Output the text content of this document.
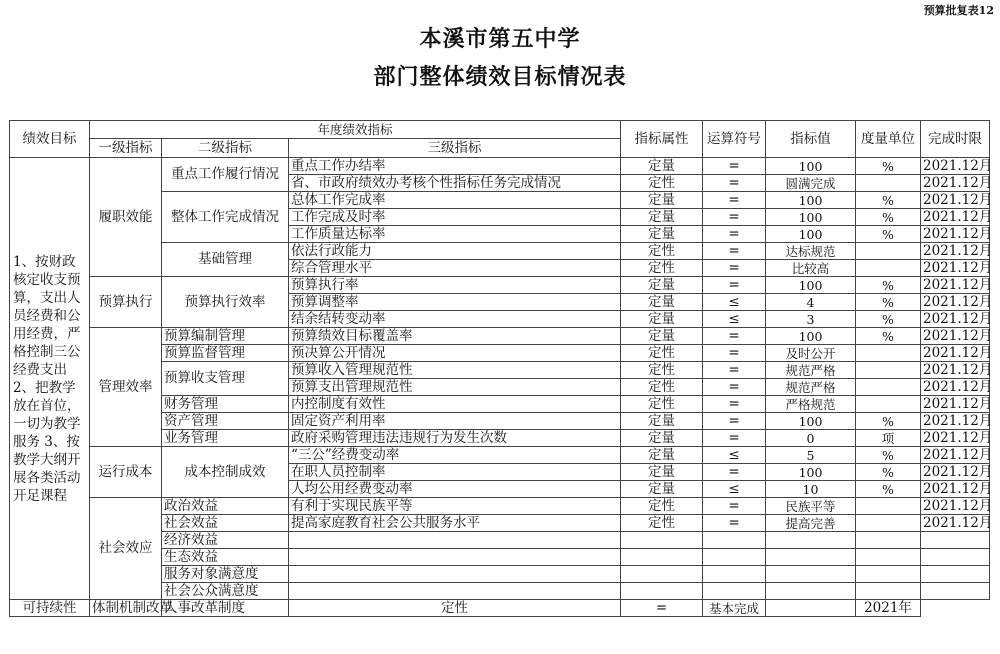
预算批复表12
本溪市第五中学
部门整体绩效目标情况表
绩效目标	年度绩效指标			指标属性	运算符号	指标值	度量单位	完成时限
	一级指标	二级指标	三级指标					
1、按财政核定收支预算，支出人员经费和公用经费，严格控制三公经费支出 2、把教学放在首位，一切为教学服务 3、按教学大纲开展各类活动开足课程	履职效能	重点工作履行情况	重点工作办结率	定量	=	100	%	2021.12月
			省、市政府绩效办考核个性指标任务完成情况	定性	=	圆满完成		2021.12月
		整体工作完成情况	总体工作完成率	定量	=	100	%	2021.12月
			工作完成及时率	定量	=	100	%	2021.12月
			工作质量达标率	定量	=	100	%	2021.12月
		基础管理	依法行政能力	定性	=	达标规范		2021.12月
			综合管理水平	定性	=	比较高		2021.12月
	预算执行	预算执行效率	预算执行率	定量	=	100	%	2021.12月
			预算调整率	定量	≤	4	%	2021.12月
			结余结转变动率	定量	≤	3	%	2021.12月
	管理效率	预算编制管理	预算绩效目标覆盖率	定量	=	100	%	2021.12月
		预算监督管理	预决算公开情况	定性	=	及时公开		2021.12月
		预算收支管理	预算收入管理规范性	定性	=	规范严格		2021.12月
			预算支出管理规范性	定性	=	规范严格		2021.12月
		财务管理	内控制度有效性	定性	=	严格规范		2021.12月
		资产管理	固定资产利用率	定量	=	100	%	2021.12月
		业务管理	政府采购管理违法违规行为发生次数	定量	=	0	项	2021.12月
	运行成本	成本控制成效	“三公”经费变动率	定量	≤	5	%	2021.12月
			在职人员控制率	定量	=	100	%	2021.12月
			人均公用经费变动率	定量	≤	10	%	2021.12月
	社会效应	政治效益	有利于实现民族平等	定性	=	民族平等		2021.12月
		社会效益	提高家庭教育社会公共服务水平	定性	=	提高完善		2021.12月
		经济效益						
		生态效益						
		服务对象满意度						
		社会公众满意度						
可持续性	体制机制改革	人事改革制度	定性	=	基本完成		2021年	
